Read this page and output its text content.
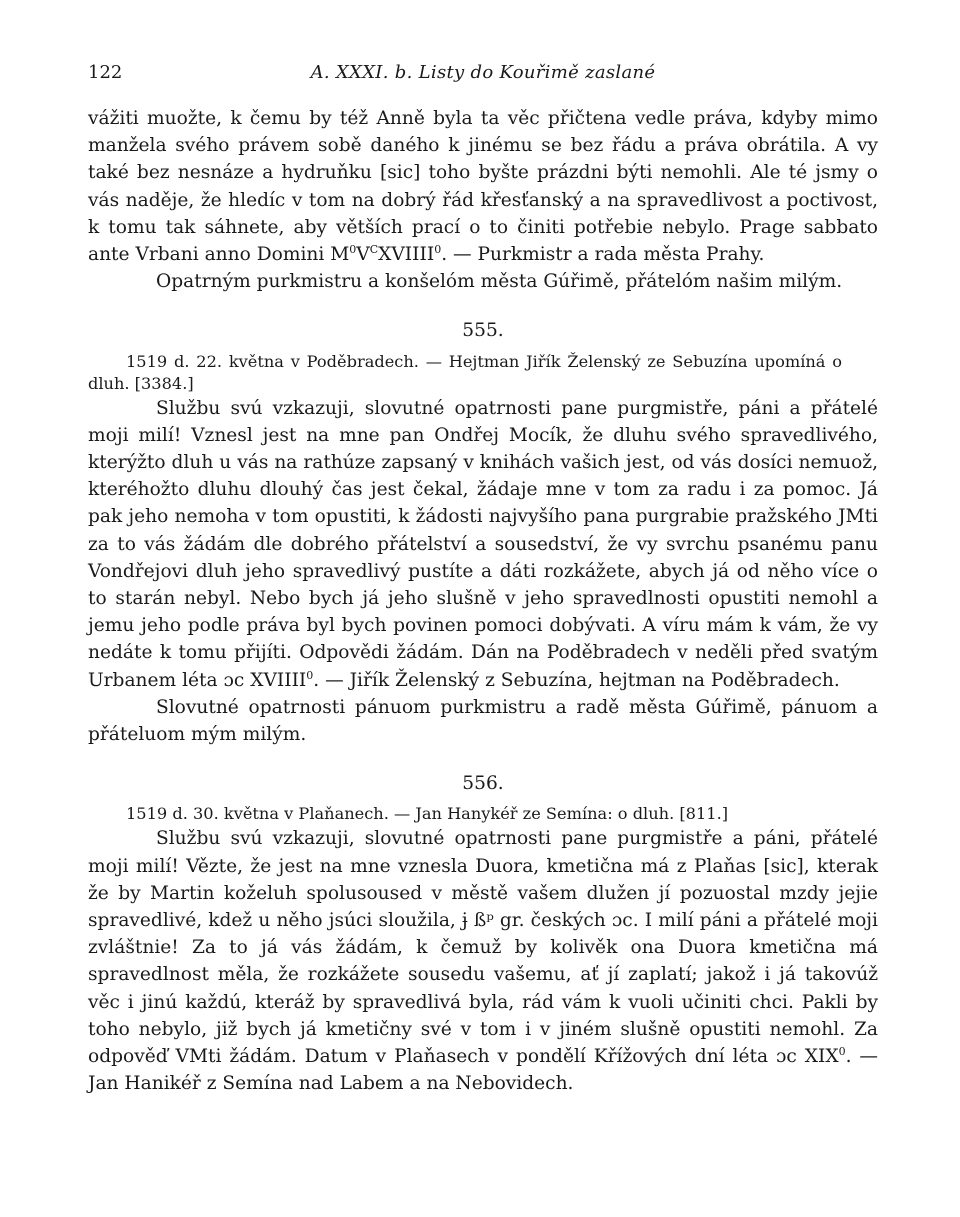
122	A. XXXI. b. Listy do Kouřimě zaslané

vážiti muožte, k čemu by též Anně byla ta věc přičtena vedle práva, kdyby mimo manžela svého právem sobě daného k jinému se bez řádu a práva obrátila. A vy také bez nesnáze a hydruňku [sic] toho byšte prázdni býti nemohli. Ale té jsmy o vás naděje, že hledíc v tom na dobrý řád křesťanský a na spravedlivost a poctivost, k tomu tak sáhnete, aby větších prací o to činiti potřebie nebylo. Prage sabbato ante Vrbani anno Domini $M^0V^CXVIIII^0$. — Purkmistr a rada města Prahy.

Opatrným purkmistru a konšelóm města Gúřimě, přátelóm našim milým.

555.

1519 d. 22. května v Poděbradech. — Hejtman Jiřík Želenský ze Sebuzína upomíná o dluh. [3384.]

Službu svú vzkazuji, slovutné opatrnosti pane purgmistře, páni a přátelé moji milí! Vznesl jest na mne pan Ondřej Mocík, že dluhu svého spravedlivého, kterýžto dluh u vás na rathúze zapsaný v knihách vašich jest, od vás dosíci nemuož, kteréhožto dluhu dlouhý čas jest čekal, žádaje mne v tom za radu i za pomoc. Já pak jeho nemoha v tom opustiti, k žádosti najvyšího pana purgrabie pražského JMti za to vás žádám dle dobrého přátelství a sousedství, že vy svrchu psanému panu Vondřejovi dluh jeho spravedlivý pustíte a dáti rozkážete, abych já od něho více o to starán nebyl. Nebo bych já jeho slušně v jeho spravedlnosti opustiti nemohl a jemu jeho podle práva byl bych povinen pomoci dobývati. A víru mám k vám, že vy nedáte k tomu přijíti. Odpovědi žádám. Dán na Poděbradech v neděli před svatým Urbanem léta ɔc XVIIII$^0$. — Jiřík Želenský z Sebuzína, hejtman na Poděbradech.

Slovutné opatrnosti pánuom purkmistru a radě města Gúřimě, pánuom a přáteluom mým milým.

556.

1519 d. 30. května v Plaňanech. — Jan Hanykéř ze Semína: o dluh. [811.]

Službu svú vzkazuji, slovutné opatrnosti pane purgmistře a páni, přátelé moji milí! Vězte, že jest na mne vznesla Duora, kmetična má z Plaňas [sic], kterak že by Martin koželuh spolusoused v městě vašem dlužen jí pozuostal mzdy jejie spravedlivé, kdež u něho jsúci sloužila, ɉ ßᵖ gr. českých ɔc. I milí páni a přátelé moji zvláštnie! Za to já vás žádám, k čemuž by kolivěk ona Duora kmetična má spravedlnost měla, že rozkážete sousedu vašemu, ať jí zaplatí; jakož i já takovúž věc i jinú každú, kteráž by spravedlivá byla, rád vám k vuoli učiniti chci. Pakli by toho nebylo, již bych já kmetičny své v tom i v jiném slušně opustiti nemohl. Za odpověď VMti žádám. Datum v Plaňasech v pondělí Křížových dní léta ɔc XIX$^0$. — Jan Hanikéř z Semína nad Labem a na Nebovidech.
